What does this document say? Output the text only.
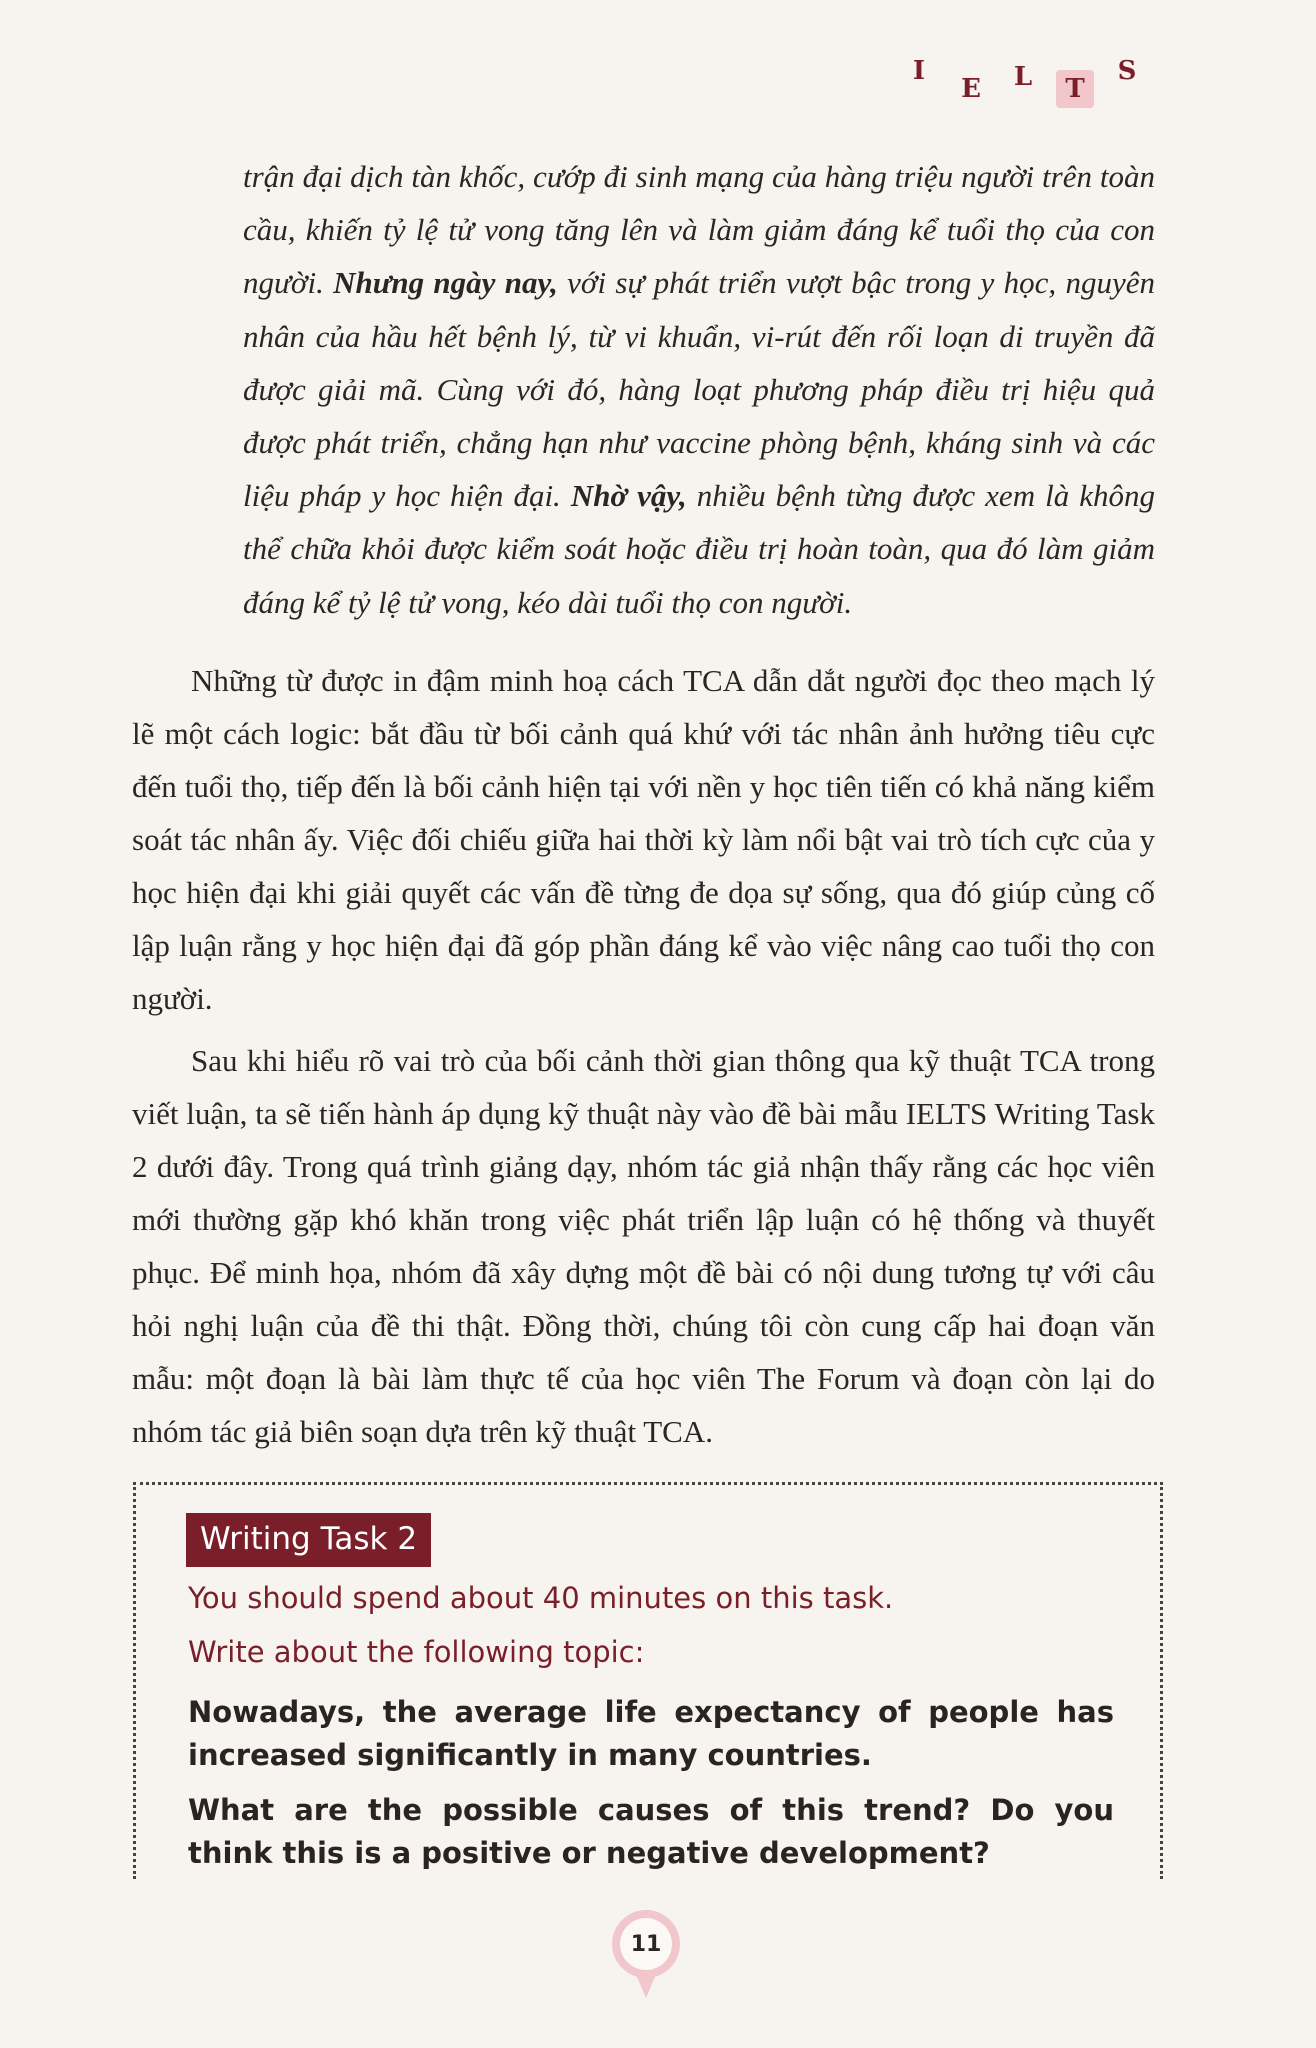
I
E	L	T
S
trận đại dịch tàn khốc, cướp đi sinh mạng của hàng triệu người trên toàn cầu, khiến tỷ lệ tử vong tăng lên và làm giảm đáng kể tuổi thọ của con người. Nhưng ngày nay, với sự phát triển vượt bậc trong y học, nguyên nhân của hầu hết bệnh lý, từ vi khuẩn, vi-rút đến rối loạn di truyền đã được giải mã. Cùng với đó, hàng loạt phương pháp điều trị hiệu quả được phát triển, chẳng hạn như vaccine phòng bệnh, kháng sinh và các liệu pháp y học hiện đại. Nhờ vậy, nhiều bệnh từng được xem là không thể chữa khỏi được kiểm soát hoặc điều trị hoàn toàn, qua đó làm giảm đáng kể tỷ lệ tử vong, kéo dài tuổi thọ con người.
Những từ được in đậm minh hoạ cách TCA dẫn dắt người đọc theo mạch lý lẽ một cách logic: bắt đầu từ bối cảnh quá khứ với tác nhân ảnh hưởng tiêu cực đến tuổi thọ, tiếp đến là bối cảnh hiện tại với nền y học tiên tiến có khả năng kiểm soát tác nhân ấy. Việc đối chiếu giữa hai thời kỳ làm nổi bật vai trò tích cực của y học hiện đại khi giải quyết các vấn đề từng đe dọa sự sống, qua đó giúp củng cố lập luận rằng y học hiện đại đã góp phần đáng kể vào việc nâng cao tuổi thọ con người.
Sau khi hiểu rõ vai trò của bối cảnh thời gian thông qua kỹ thuật TCA trong viết luận, ta sẽ tiến hành áp dụng kỹ thuật này vào đề bài mẫu IELTS Writing Task 2 dưới đây. Trong quá trình giảng dạy, nhóm tác giả nhận thấy rằng các học viên mới thường gặp khó khăn trong việc phát triển lập luận có hệ thống và thuyết phục. Để minh họa, nhóm đã xây dựng một đề bài có nội dung tương tự với câu hỏi nghị luận của đề thi thật. Đồng thời, chúng tôi còn cung cấp hai đoạn văn mẫu: một đoạn là bài làm thực tế của học viên The Forum và đoạn còn lại do nhóm tác giả biên soạn dựa trên kỹ thuật TCA.
Writing Task 2
You should spend about 40 minutes on this task.
Write about the following topic:
Nowadays, the average life expectancy of people has increased significantly in many countries.
What are the possible causes of this trend? Do you think this is a positive or negative development?
11
